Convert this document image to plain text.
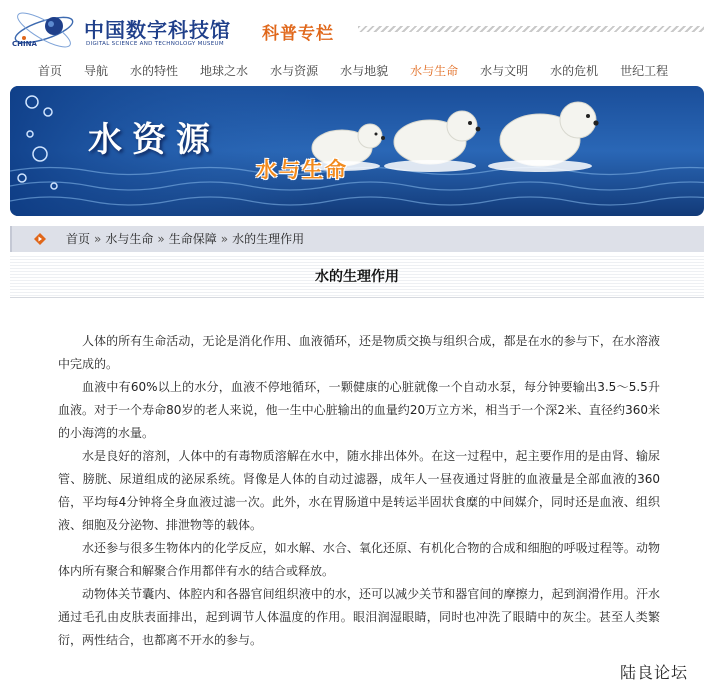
CHINA
中国数字科技馆
DIGITAL SCIENCE AND TECHNOLOGY MUSEUM 科普专栏
首页 导航 水的特性 地球之水 水与资源 水与地貌 水与生命 水与文明 水的危机 世纪工程
水资源
水与生命
首页 » 水与生命 » 生命保障 » 水的生理作用
水的生理作用

人体的所有生命活动，无论是消化作用、血液循环，还是物质交换与组织合成，都是在水的参与下，在水溶液中完成的。

血液中有60%以上的水分，血液不停地循环，一颗健康的心脏就像一个自动水泵，每分钟要输出3.5～5.5升血液。对于一个寿命80岁的老人来说，他一生中心脏输出的血量约20万立方米，相当于一个深2米、直径约360米的小海湾的水量。

水是良好的溶剂，人体中的有毒物质溶解在水中，随水排出体外。在这一过程中，起主要作用的是由肾、输尿管、膀胱、尿道组成的泌尿系统。肾像是人体的自动过滤器，成年人一昼夜通过肾脏的血液量是全部血液的360倍，平均每4分钟将全身血液过滤一次。此外，水在胃肠道中是转运半固状食糜的中间媒介，同时还是血液、组织液、细胞及分泌物、排泄物等的载体。

水还参与很多生物体内的化学反应，如水解、水合、氧化还原、有机化合物的合成和细胞的呼吸过程等。动物体内所有聚合和解聚合作用都伴有水的结合或释放。

动物体关节囊内、体腔内和各器官间组织液中的水，还可以减少关节和器官间的摩擦力，起到润滑作用。汗水通过毛孔由皮肤表面排出，起到调节人体温度的作用。眼泪润湿眼睛，同时也冲洗了眼睛中的灰尘。甚至人类繁衍，两性结合，也都离不开水的参与。

陆良论坛
